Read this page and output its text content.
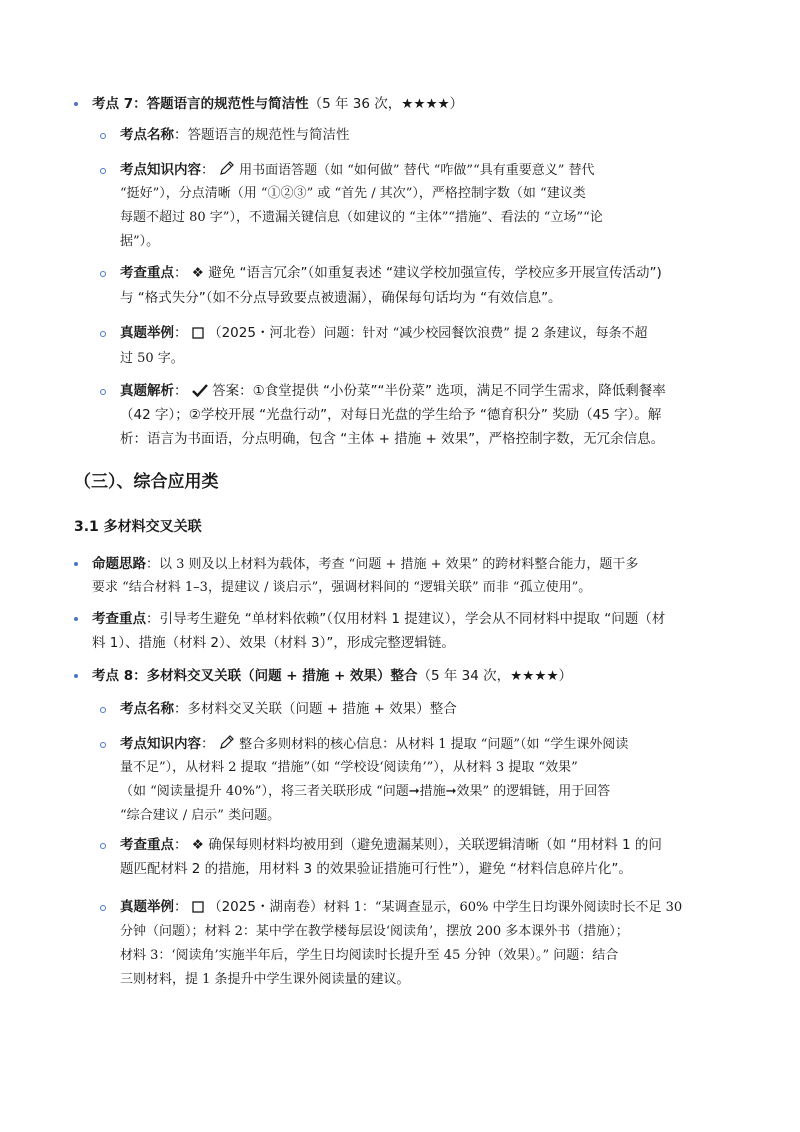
考点 7：答题语言的规范性与简洁性（5 年 36 次，★★★★）
考点名称：答题语言的规范性与简洁性
考点知识内容： 用书面语答题（如 “如何做” 替代 “咋做”“具有重要意义” 替代
“挺好”），分点清晰（用 “①②③” 或 “首先 / 其次”），严格控制字数（如 “建议类
每题不超过 80 字”），不遗漏关键信息（如建议的 “主体”“措施”、看法的 “立场”“论
据”）。
考查重点： ❖ 避免 “语言冗余”（如重复表述 “建议学校加强宣传，学校应多开展宣传活动”)
与 “格式失分”（如不分点导致要点被遗漏），确保每句话均为 “有效信息”。
真题举例： （2025・河北卷）问题：针对 “减少校园餐饮浪费” 提 2 条建议，每条不超
过 50 字。
真题解析： 答案：①食堂提供 “小份菜”“半份菜” 选项，满足不同学生需求，降低剩餐率
（42 字）；②学校开展 “光盘行动”，对每日光盘的学生给予 “德育积分” 奖励（45 字）。解
析：语言为书面语，分点明确，包含 “主体 + 措施 + 效果”，严格控制字数，无冗余信息。
（三）、综合应用类
3.1 多材料交叉关联
命题思路：以 3 则及以上材料为载体，考查 “问题 + 措施 + 效果” 的跨材料整合能力，题干多
要求 “结合材料 1–3，提建议 / 谈启示”，强调材料间的 “逻辑关联” 而非 “孤立使用”。
考查重点：引导考生避免 “单材料依赖”（仅用材料 1 提建议），学会从不同材料中提取 “问题（材
料 1）、措施（材料 2）、效果（材料 3）”，形成完整逻辑链。
考点 8：多材料交叉关联（问题 + 措施 + 效果）整合（5 年 34 次，★★★★）
考点名称：多材料交叉关联（问题 + 措施 + 效果）整合
考点知识内容： 整合多则材料的核心信息：从材料 1 提取 “问题”（如 “学生课外阅读
量不足”），从材料 2 提取 “措施”（如 “学校设‘阅读角’”），从材料 3 提取 “效果”
（如 “阅读量提升 40%”），将三者关联形成 “问题➞措施➞效果” 的逻辑链，用于回答
“综合建议 / 启示” 类问题。
考查重点： ❖ 确保每则材料均被用到（避免遗漏某则），关联逻辑清晰（如 “用材料 1 的问
题匹配材料 2 的措施，用材料 3 的效果验证措施可行性”），避免 “材料信息碎片化”。
真题举例： （2025・湖南卷）材料 1：“某调查显示，60% 中学生日均课外阅读时长不足 30
分钟（问题）；材料 2：某中学在教学楼每层设‘阅读角’，摆放 200 多本课外书（措施）；
材料 3：‘阅读角’实施半年后，学生日均阅读时长提升至 45 分钟（效果）。” 问题：结合
三则材料，提 1 条提升中学生课外阅读量的建议。
